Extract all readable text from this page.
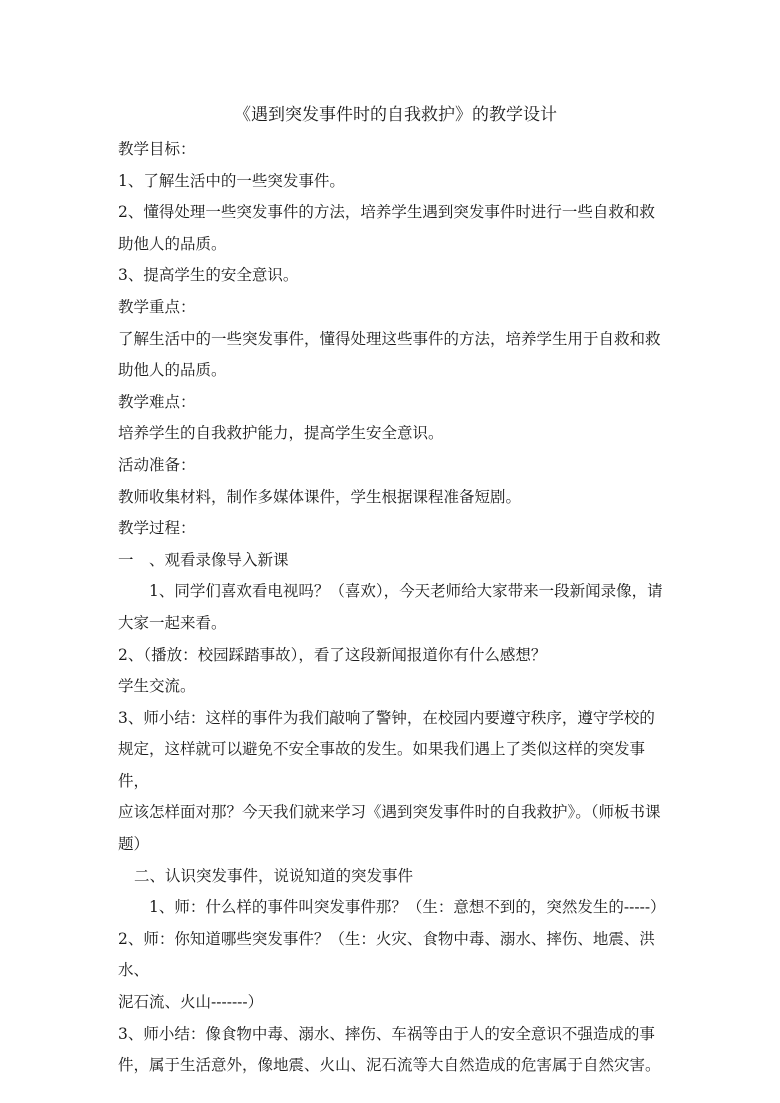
《遇到突发事件时的自我救护》的教学设计

教学目标：

1、了解生活中的一些突发事件。

2、懂得处理一些突发事件的方法，培养学生遇到突发事件时进行一些自救和救

助他人的品质。

3、提高学生的安全意识。

教学重点：

了解生活中的一些突发事件，懂得处理这些事件的方法，培养学生用于自救和救

助他人的品质。

教学难点：

培养学生的自我救护能力，提高学生安全意识。

活动准备：

教师收集材料，制作多媒体课件，学生根据课程准备短剧。

教学过程：

一　、观看录像导入新课

1、同学们喜欢看电视吗？（喜欢），今天老师给大家带来一段新闻录像，请

大家一起来看。

2、（播放：校园踩踏事故），看了这段新闻报道你有什么感想？

学生交流。

3、师小结：这样的事件为我们敲响了警钟，在校园内要遵守秩序，遵守学校的

规定，这样就可以避免不安全事故的发生。如果我们遇上了类似这样的突发事件，

应该怎样面对那？今天我们就来学习《遇到突发事件时的自我救护》。（师板书课

题）

二、认识突发事件，说说知道的突发事件

1、师：什么样的事件叫突发事件那？（生：意想不到的，突然发生的-----）

2、师：你知道哪些突发事件？（生：火灾、食物中毒、溺水、摔伤、地震、洪水、

泥石流、火山-------）

3、师小结：像食物中毒、溺水、摔伤、车祸等由于人的安全意识不强造成的事

件，属于生活意外，像地震、火山、泥石流等大自然造成的危害属于自然灾害。
